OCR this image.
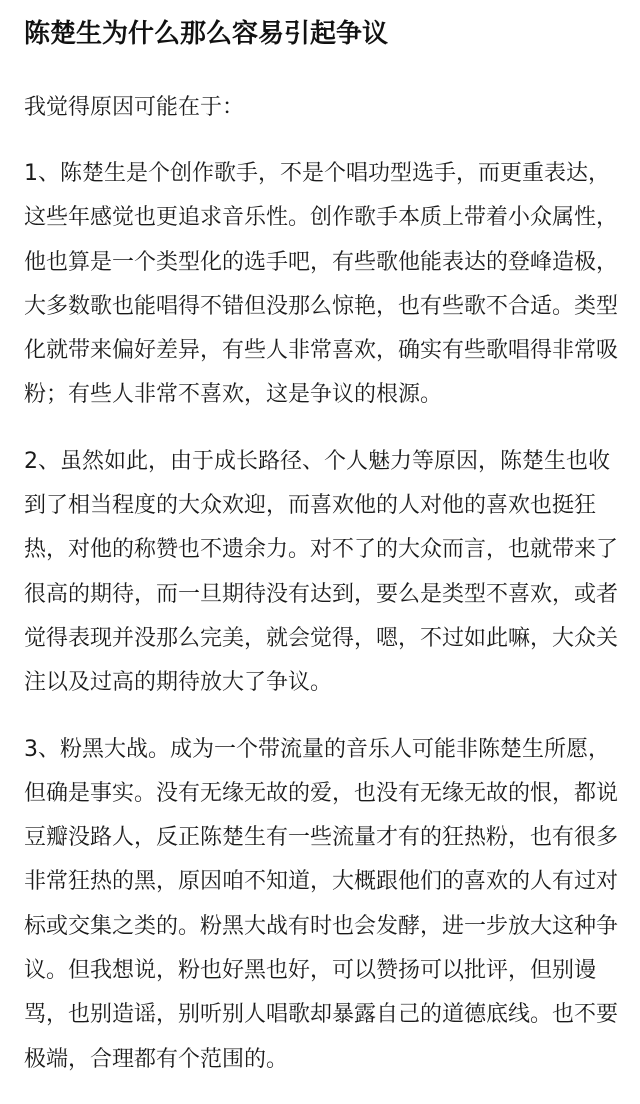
陈楚生为什么那么容易引起争议
我觉得原因可能在于：
1、陈楚生是个创作歌手，不是个唱功型选手，而更重表达，
这些年感觉也更追求音乐性。创作歌手本质上带着小众属性，
他也算是一个类型化的选手吧，有些歌他能表达的登峰造极，
大多数歌也能唱得不错但没那么惊艳，也有些歌不合适。类型
化就带来偏好差异，有些人非常喜欢，确实有些歌唱得非常吸
粉；有些人非常不喜欢，这是争议的根源。
2、虽然如此，由于成长路径、个人魅力等原因，陈楚生也收
到了相当程度的大众欢迎，而喜欢他的人对他的喜欢也挺狂
热，对他的称赞也不遗余力。对不了的大众而言，也就带来了
很高的期待，而一旦期待没有达到，要么是类型不喜欢，或者
觉得表现并没那么完美，就会觉得，嗯，不过如此嘛，大众关
注以及过高的期待放大了争议。
3、粉黑大战。成为一个带流量的音乐人可能非陈楚生所愿，
但确是事实。没有无缘无故的爱，也没有无缘无故的恨，都说
豆瓣没路人，反正陈楚生有一些流量才有的狂热粉，也有很多
非常狂热的黑，原因咱不知道，大概跟他们的喜欢的人有过对
标或交集之类的。粉黑大战有时也会发酵，进一步放大这种争
议。但我想说，粉也好黑也好，可以赞扬可以批评，但别谩
骂，也别造谣，别听别人唱歌却暴露自己的道德底线。也不要
极端，合理都有个范围的。
